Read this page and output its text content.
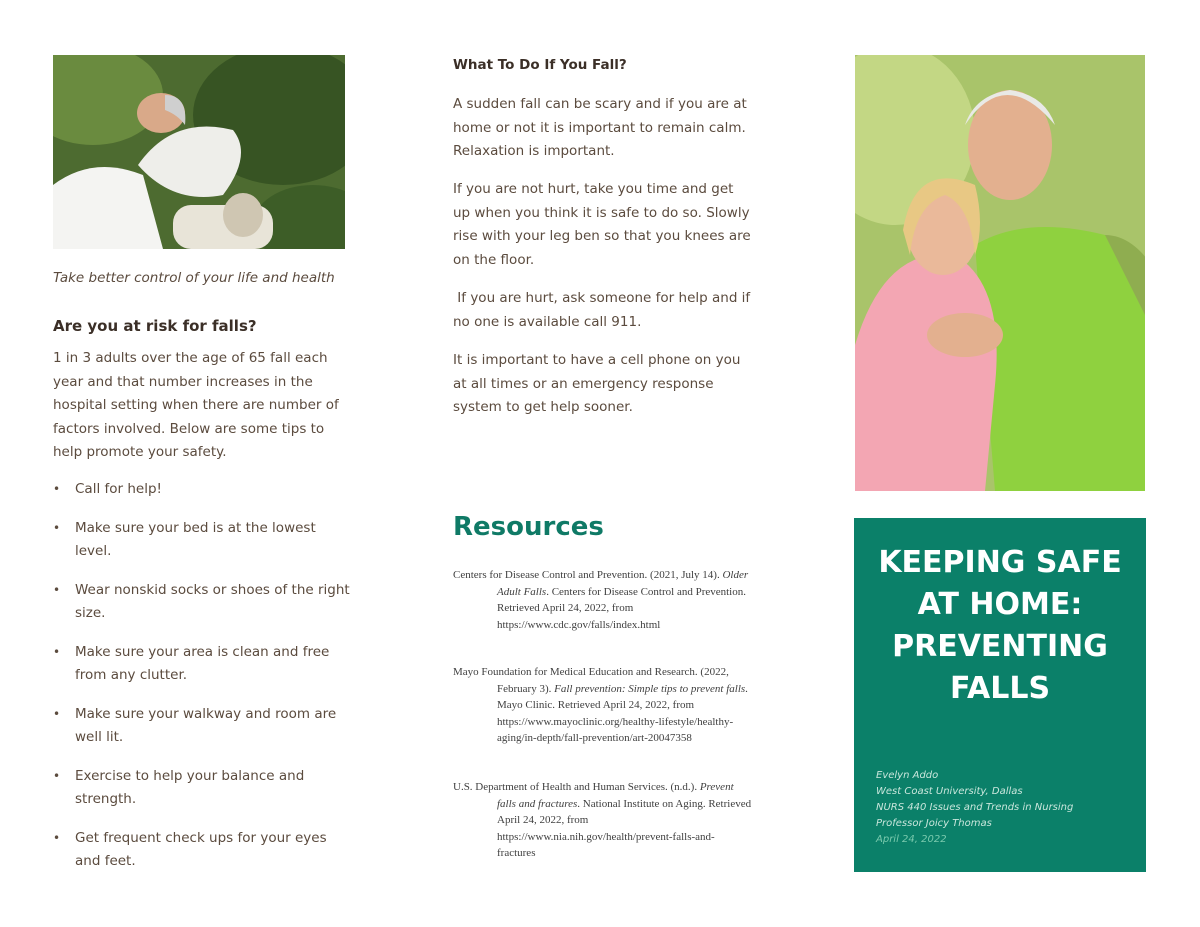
Take better control of your life and health
Are you at risk for falls?
1 in 3 adults over the age of 65 fall each year and that number increases in the hospital setting when there are number of factors involved. Below are some tips to help promote your safety.
• Call for help!
• Make sure your bed is at the lowest level.
• Wear nonskid socks or shoes of the right size.
• Make sure your area is clean and free from any clutter.
• Make sure your walkway and room are well lit.
• Exercise to help your balance and strength.
• Get frequent check ups for your eyes and feet.
What To Do If You Fall?
A sudden fall can be scary and if you are at home or not it is important to remain calm. Relaxation is important.
If you are not hurt, take you time and get up when you think it is safe to do so. Slowly rise with your leg ben so that you knees are on the floor.
If you are hurt, ask someone for help and if no one is available call 911.
It is important to have a cell phone on you at all times or an emergency response system to get help sooner.
Resources
Centers for Disease Control and Prevention. (2021, July 14). Older Adult Falls. Centers for Disease Control and Prevention. Retrieved April 24, 2022, from https://www.cdc.gov/falls/index.html
Mayo Foundation for Medical Education and Research. (2022, February 3). Fall prevention: Simple tips to prevent falls. Mayo Clinic. Retrieved April 24, 2022, from https://www.mayoclinic.org/healthy-lifestyle/healthy-aging/in-depth/fall-prevention/art-20047358
U.S. Department of Health and Human Services. (n.d.). Prevent falls and fractures. National Institute on Aging. Retrieved April 24, 2022, from https://www.nia.nih.gov/health/prevent-falls-and-fractures
KEEPING SAFE AT HOME: PREVENTING FALLS
Evelyn Addo
West Coast University, Dallas
NURS 440 Issues and Trends in Nursing
Professor Joicy Thomas
April 24, 2022
